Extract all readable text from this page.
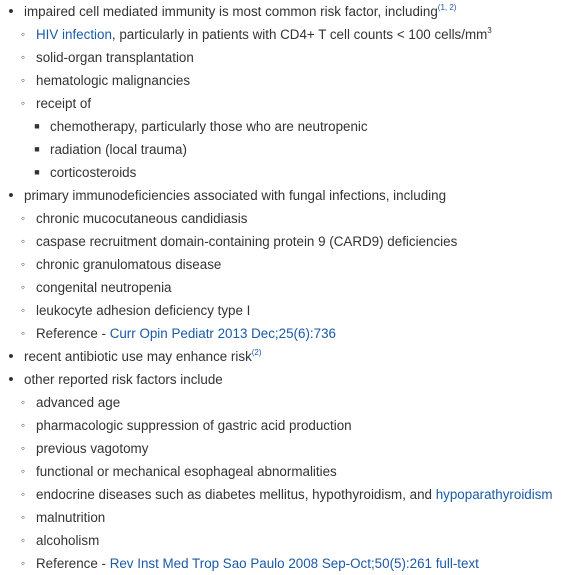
• impaired cell mediated immunity is most common risk factor, including$^{(1, 2)}$
◦ HIV infection, particularly in patients with CD4+ T cell counts < 100 cells/$mm^3$
◦ solid-organ transplantation
◦ hematologic malignancies
◦ receipt of
■ chemotherapy, particularly those who are neutropenic
■ radiation (local trauma)
■ corticosteroids
• primary immunodeficiencies associated with fungal infections, including
◦ chronic mucocutaneous candidiasis
◦ caspase recruitment domain-containing protein 9 (CARD9) deficiencies
◦ chronic granulomatous disease
◦ congenital neutropenia
◦ leukocyte adhesion deficiency type I
◦ Reference - Curr Opin Pediatr 2013 Dec;25(6):736
• recent antibiotic use may enhance risk$^{(2)}$
• other reported risk factors include
◦ advanced age
◦ pharmacologic suppression of gastric acid production
◦ previous vagotomy
◦ functional or mechanical esophageal abnormalities
◦ endocrine diseases such as diabetes mellitus, hypothyroidism, and hypoparathyroidism
◦ malnutrition
◦ alcoholism
◦ Reference - Rev Inst Med Trop Sao Paulo 2008 Sep-Oct;50(5):261 full-text
